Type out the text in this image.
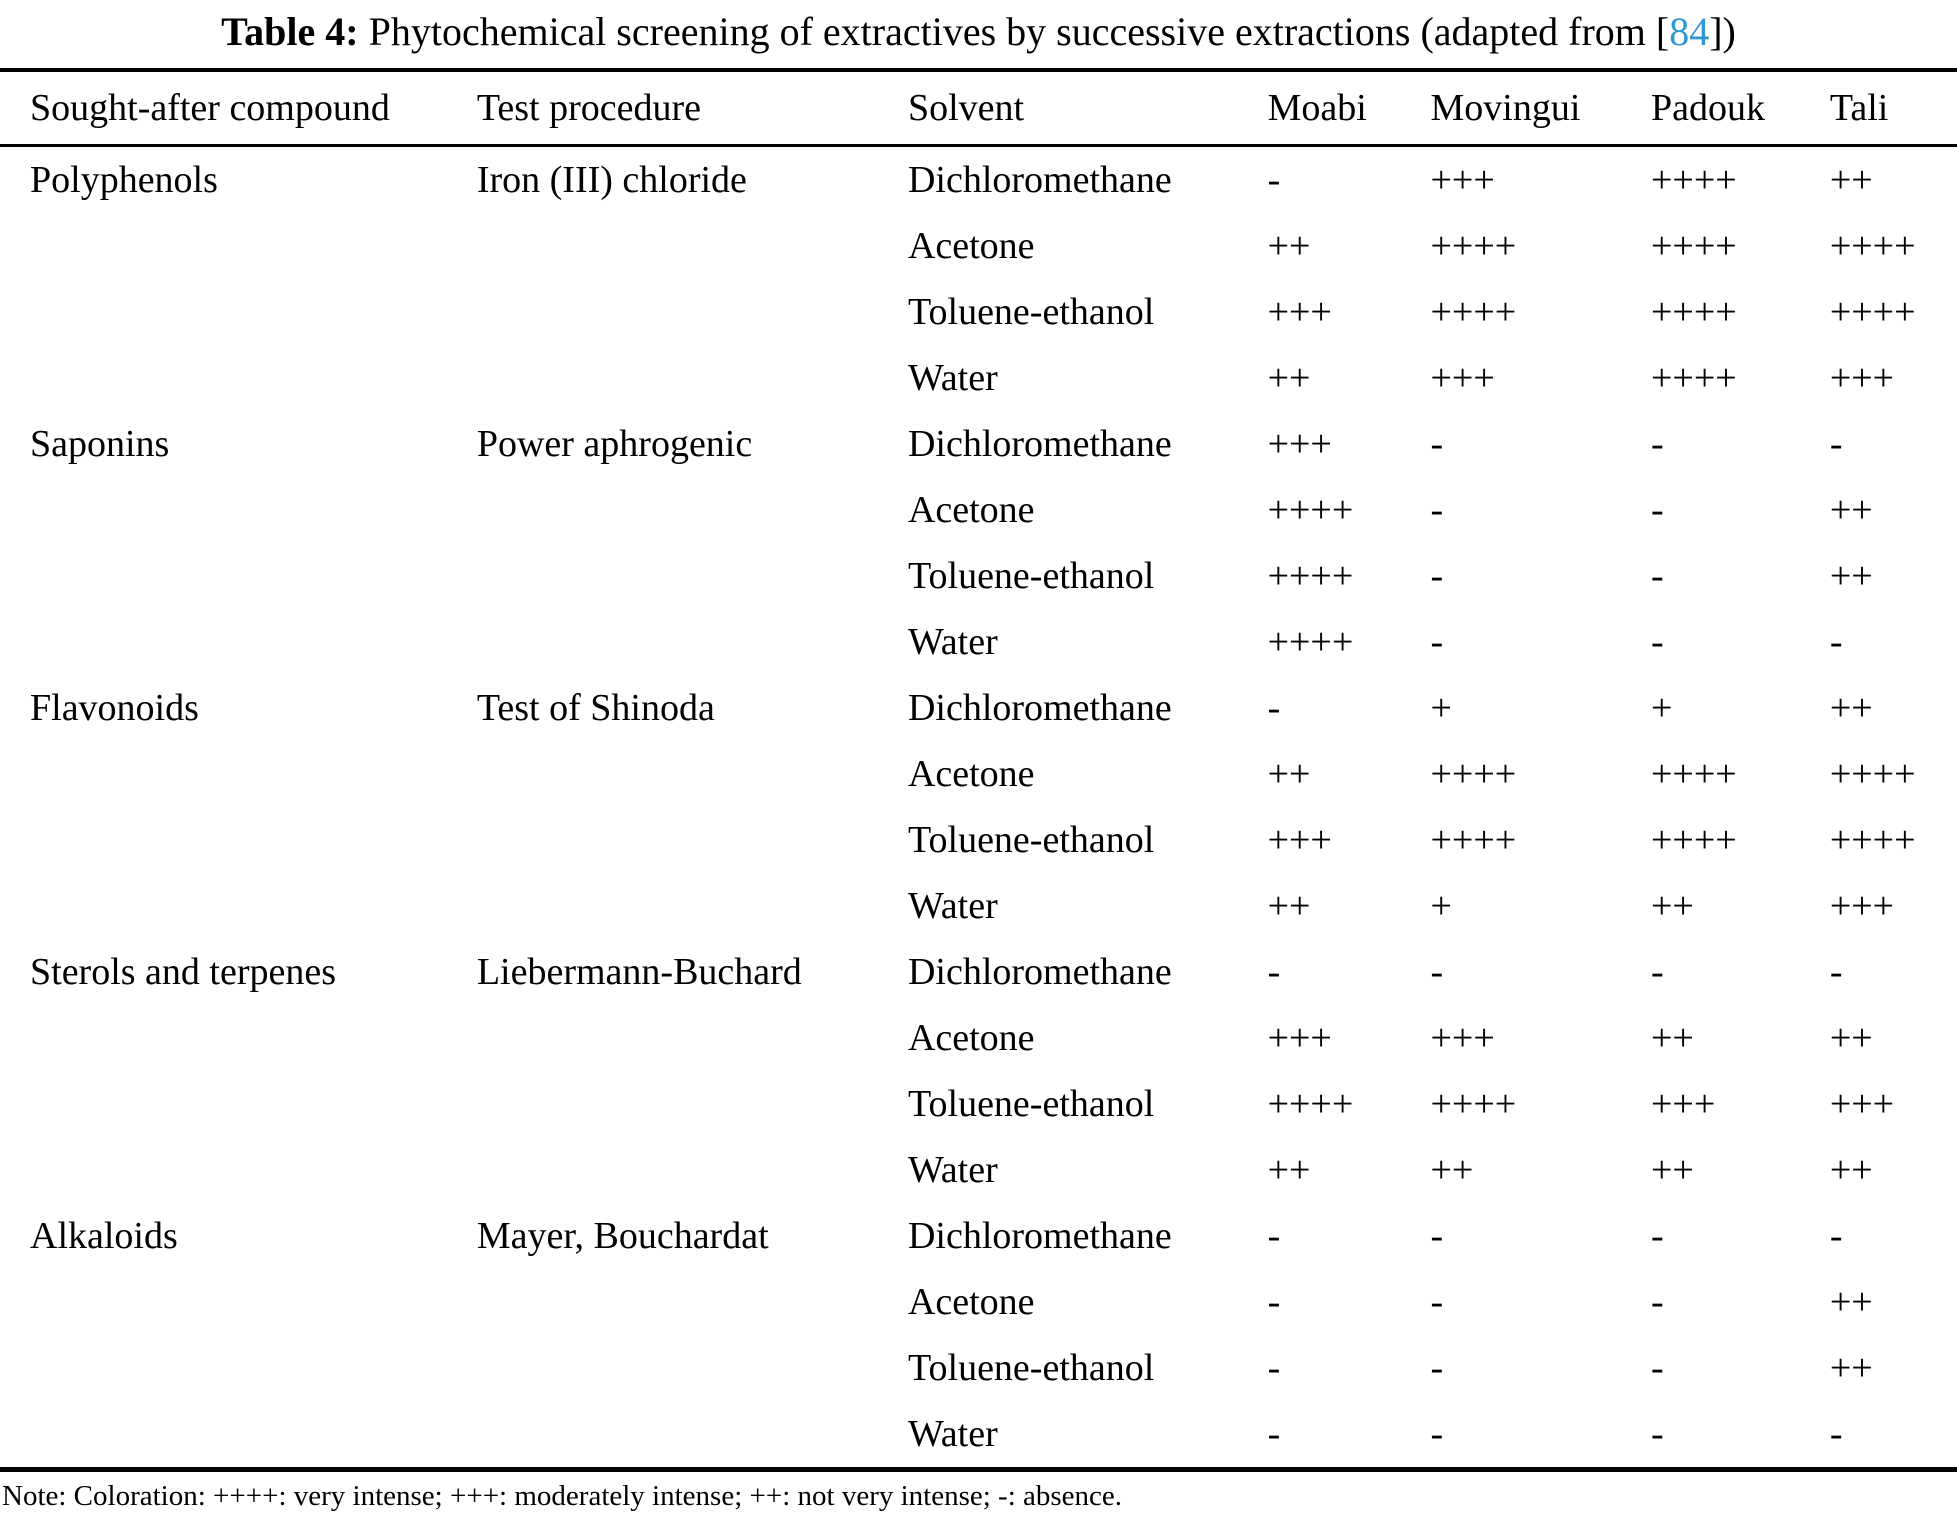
Table 4: Phytochemical screening of extractives by successive extractions (adapted from [84])
Sought-after compound	Test procedure	Solvent	Moabi	Movingui	Padouk	Tali
Polyphenols	Iron (III) chloride	Dichloromethane	-	+++	++++	++
		Acetone	++	++++	++++	++++
		Toluene-ethanol	+++	++++	++++	++++
		Water	++	+++	++++	+++
Saponins	Power aphrogenic	Dichloromethane	+++	-	-	-
		Acetone	++++	-	-	++
		Toluene-ethanol	++++	-	-	++
		Water	++++	-	-	-
Flavonoids	Test of Shinoda	Dichloromethane	-	+	+	++
		Acetone	++	++++	++++	++++
		Toluene-ethanol	+++	++++	++++	++++
		Water	++	+	++	+++
Sterols and terpenes	Liebermann-Buchard	Dichloromethane	-	-	-	-
		Acetone	+++	+++	++	++
		Toluene-ethanol	++++	++++	+++	+++
		Water	++	++	++	++
Alkaloids	Mayer, Bouchardat	Dichloromethane	-	-	-	-
		Acetone	-	-	-	++
		Toluene-ethanol	-	-	-	++
		Water	-	-	-	-
Note: Coloration: ++++: very intense; +++: moderately intense; ++: not very intense; -: absence.
